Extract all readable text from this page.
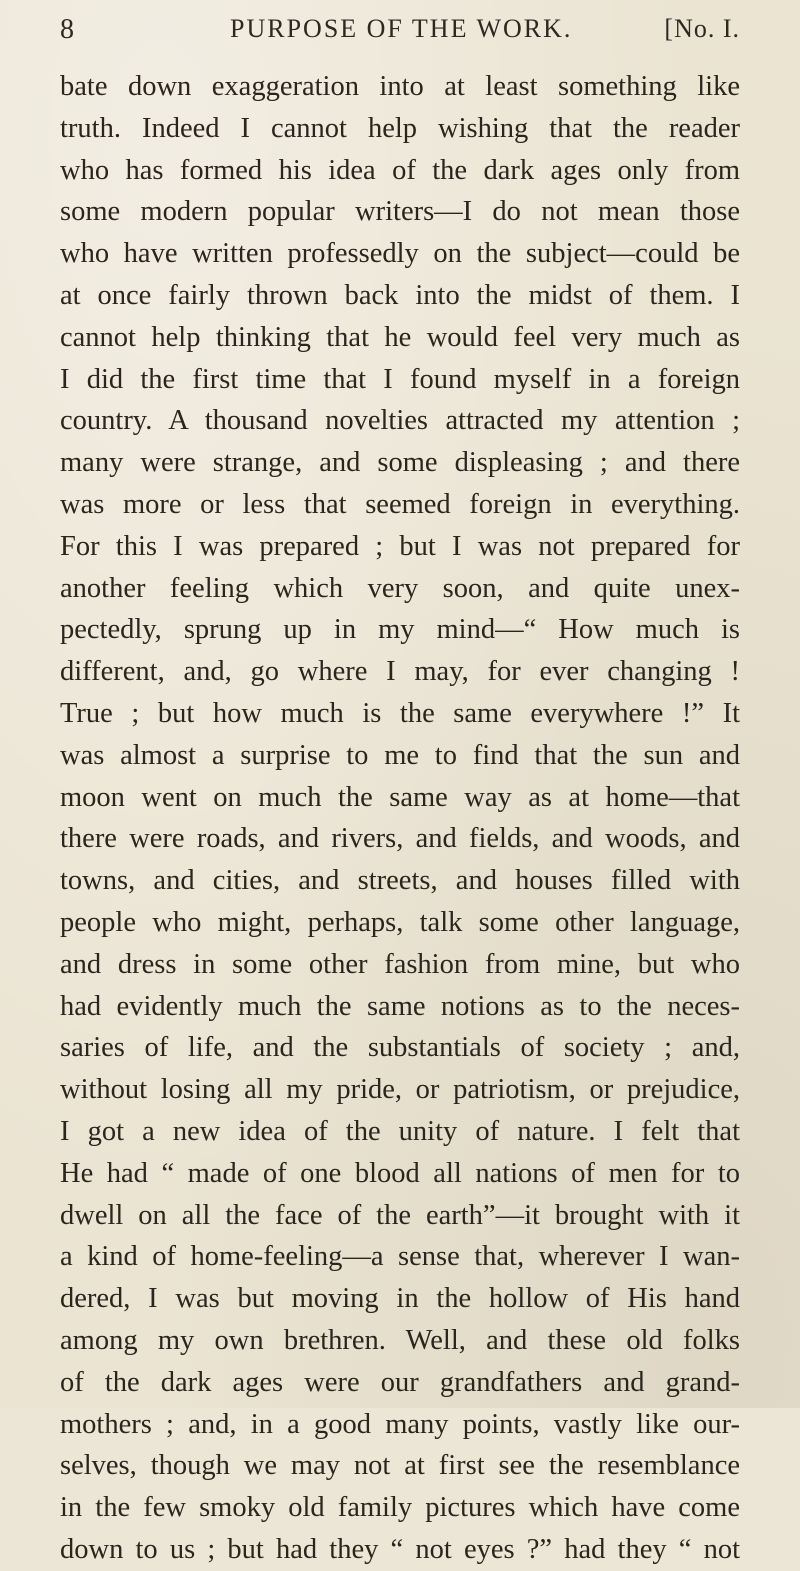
8	PURPOSE OF THE WORK.	[No. I.
bate down exaggeration into at least something like
truth. Indeed I cannot help wishing that the reader
who has formed his idea of the dark ages only from
some modern popular writers—I do not mean those
who have written professedly on the subject—could be
at once fairly thrown back into the midst of them. I
cannot help thinking that he would feel very much as
I did the first time that I found myself in a foreign
country. A thousand novelties attracted my attention ;
many were strange, and some displeasing ; and there
was more or less that seemed foreign in everything.
For this I was prepared ; but I was not prepared for
another feeling which very soon, and quite unex-
pectedly, sprung up in my mind—“ How much is
different, and, go where I may, for ever changing !
True ; but how much is the same everywhere !” It
was almost a surprise to me to find that the sun and
moon went on much the same way as at home—that
there were roads, and rivers, and fields, and woods, and
towns, and cities, and streets, and houses filled with
people who might, perhaps, talk some other language,
and dress in some other fashion from mine, but who
had evidently much the same notions as to the neces-
saries of life, and the substantials of society ; and,
without losing all my pride, or patriotism, or prejudice,
I got a new idea of the unity of nature. I felt that
He had “ made of one blood all nations of men for to
dwell on all the face of the earth”—it brought with it
a kind of home-feeling—a sense that, wherever I wan-
dered, I was but moving in the hollow of His hand
among my own brethren. Well, and these old folks
of the dark ages were our grandfathers and grand-
mothers ; and, in a good many points, vastly like our-
selves, though we may not at first see the resemblance
in the few smoky old family pictures which have come
down to us ; but had they “ not eyes ?” had they “ not
